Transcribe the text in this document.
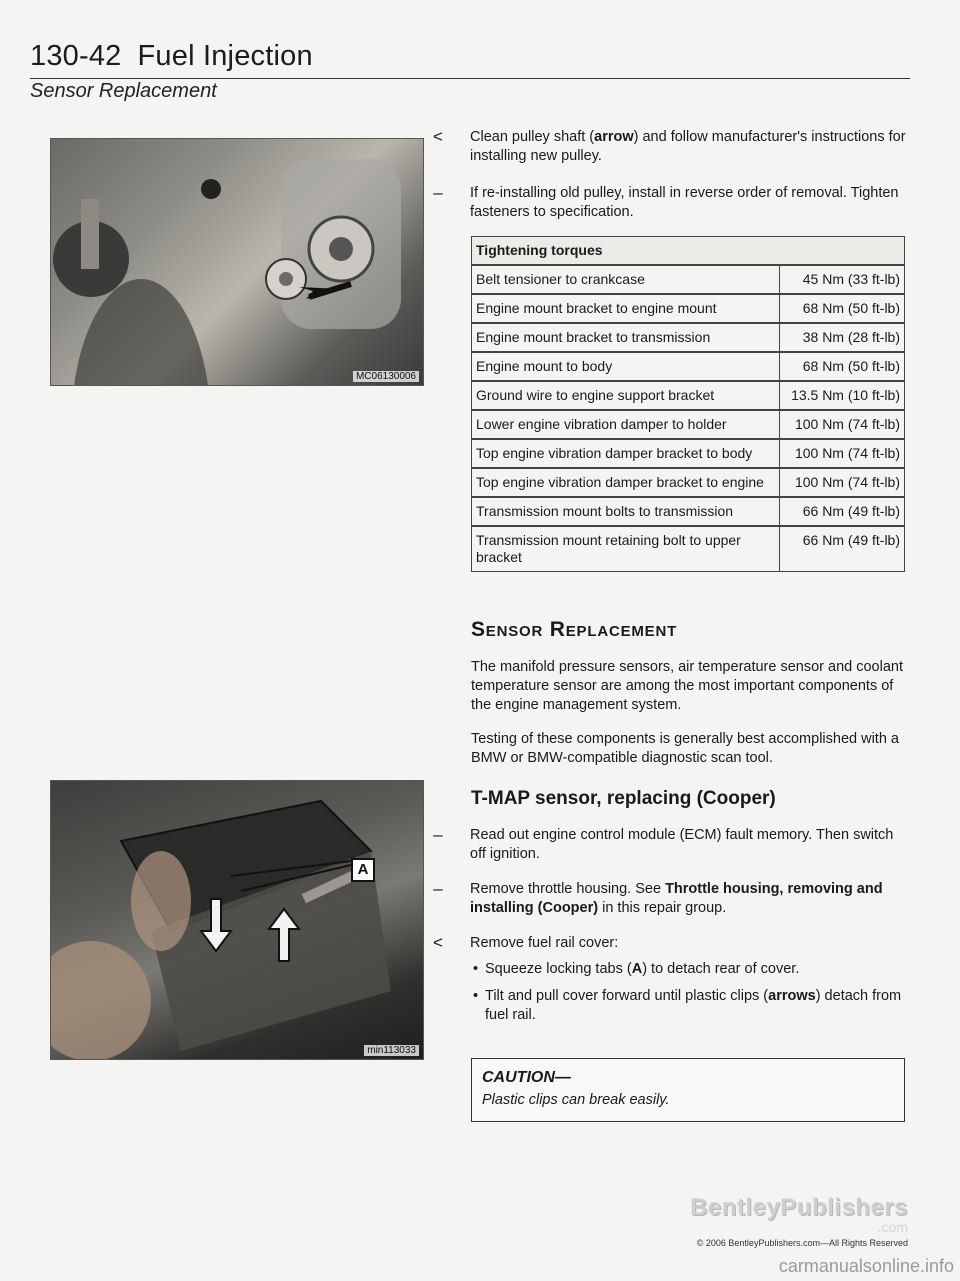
130-42 Fuel Injection
Sensor Replacement
MC06130006
<	Clean pulley shaft (arrow) and follow manufacturer's instructions for installing new pulley.
–	If re-installing old pulley, install in reverse order of removal. Tighten fasteners to specification.
Tightening torques	
Belt tensioner to crankcase	45 Nm (33 ft-lb)
Engine mount bracket to engine mount	68 Nm (50 ft-lb)
Engine mount bracket to transmission	38 Nm (28 ft-lb)
Engine mount to body	68 Nm (50 ft-lb)
Ground wire to engine support bracket	13.5 Nm (10 ft-lb)
Lower engine vibration damper to holder	100 Nm (74 ft-lb)
Top engine vibration damper bracket to body	100 Nm (74 ft-lb)
Top engine vibration damper bracket to engine	100 Nm (74 ft-lb)
Transmission mount bolts to transmission	66 Nm (49 ft-lb)
Transmission mount retaining bolt to upper bracket	66 Nm (49 ft-lb)
Sensor Replacement
The manifold pressure sensors, air temperature sensor and coolant temperature sensor are among the most important components of the engine management system.
Testing of these components is generally best accomplished with a BMW or BMW-compatible diagnostic scan tool.
T-MAP sensor, replacing (Cooper)
–	Read out engine control module (ECM) fault memory. Then switch off ignition.
–	Remove throttle housing. See Throttle housing, removing and installing (Cooper) in this repair group.
<	Remove fuel rail cover:
• Squeeze locking tabs (A) to detach rear of cover.
• Tilt and pull cover forward until plastic clips (arrows) detach from fuel rail.
min113033
A
CAUTION—
Plastic clips can break easily.
BentleyPublishers
.com
© 2006 BentleyPublishers.com—All Rights Reserved
carmanualsonline.info
